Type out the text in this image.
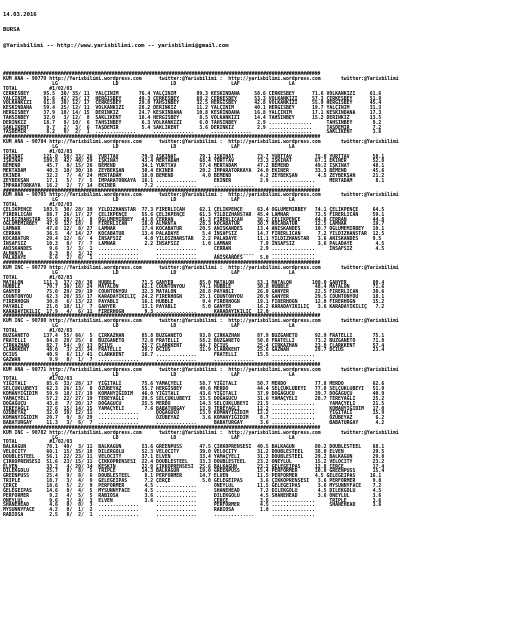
14.03.2016

BURSA

@Yarisbilimi -- http://www.yarisbilimi.com -- yarisbilimi@gmail.com

###############################################################################################################
KUM ANA - 90779 http://Yarisbilimi.wordpress.com      twitter:@Yarisbilimi :  http://yarisbilimi.wordpress.com       twitter:@Yarisbilimi
LG                   LD                  LD                   LAF                 LA
TOTAL           #1/02/03
CERKESBEY     95.5  30/ 35/ 11  YALÇINIM       76.4 YALÇINIM       89.3 KESKINDANA     58.6 CERKESBEY      71.6 VOLKANKIZI     61.6
YALÇINIM      91.6  42/ 25/ 17  HERGISBEY      49.3 CERKESBEY      69.2 CERKESBEY      53.3 VOLKANKIZI     57.3 CERKESBEY      51.9
VOLKANKIZI    61.8  30/ 12/ 17  CERKESBEY      29.0 TAHSINBEY      32.5 HERGISBEY      42.8 VOLKANKIZI     55.9 HERGISBEY      45.4
KESKINDANA    59.4  25/ 12/ 11  VOLKANKIZI     28.2 DERINKIZ       11.2 YALÇINIM       40.1 HERGISBEY      19.7 YALÇINIM       31.3
HERGISBEY     37.9  10/ 14/ 15  DERINKIZ       24.7 KESKINDANA     10.8 KESKINDANA     16.8 YALÇINIM       17.1 KESKINDANA     17.3
TAHSINBEY     32.0   3/ 12/  8  SAKLIKENT      18.4 HERGISBEY       8.5 VOLKANKIZI     14.4 TAHSINBEY      15.2 DERINKIZ       13.5
DERINKIZ      18.7   9/ 10/  6  TAHSINBEY       6.3 VOLKANKIZI      6.0 TAHSINBEY       2.9 ...............     TAHSINBEY       9.2
SAKLIKENT      9.7   2/  3/  6  TAŞDEMIR        5.4 SAKLIKENT       3.6 DERINKIZ        2.9 ...............     TAŞDEMIR        7.2
TAŞDEMIR       8.2   0/  2/  1  ..............      ..............      ..............      ...............     SAKLIKENT       3.6
###############################################################################################################
KUM ANA - 90704 http://Yarisbilimi.wordpress.com      twitter:@Yarisbilimi :  http://yarisbilimi.wordpress.com       twitter:@Yarisbilimi
LG                   LD                  LD                   LAF                 LA
TOTAL           #1/02/03
IŞKINAT       121.0  50/ 33/ 26  YURTTAV        79.9 IŞKINAT        79.1 IŞKINAT        73.7 YURTTAV        75.0 YURTTAV        58.1
IŞKINAT       109.8  42/ 40/ 29  IŞKINAT        43.4 MERTADAM       68.4 YURTTAV        73.3 IŞKINAT        67.1 EKINER         52.8
BEMEND         45.7   8/ 15/ 26  BEMEND         34.1 YURTTAV        57.4 MERTADAM       47.2 BEMEND         49.2 IŞKINAT        48.1
MERTADAM       40.3  10/ 30/ 10  ZEYBEKŞAN      30.4 EKINER         20.2 İMPARATORKAYA  24.0 EKINER         33.3 BEMEND         45.6
EKINER         32.2   7/  4/ 24  MERTADAM       18.0 BEMEND          4.0 BEMEND          4.2 ZEYBEKŞAN       4.5 ZEYBEKŞAN      21.2
ZEYBEKŞAN      17.1   5/  7/  5  İMPARATORKAYA  16.1 ..............      EKINER          2.9 ...............     MERTADAM        8.1
İMPARATORKAYA  16.2   2/  7/ 14  EKINER          7.2 ..............      ..............      ...............
###############################################################################################################
KUM ANA - 90705 http://Yarisbilimi.wordpress.com      twitter:@Yarisbilimi :  http://yarisbilimi.wordpress.com       twitter:@Yarisbilimi
LG                   LD                  LD                   LAF                 LA
TOTAL           #1/02/03
ÇELIKPENÇE    103.5  30/ 28/ 30  YILDIZHANSTAR  77.3 FIRERLICAN     62.1 ÇELIKPENÇE     63.4 OGLUMEMIRBEY   74.1 ÇELIKPENÇE     64.5
FIRERLICAN     88.7  26/ 17/ 27  ÇELIKPENÇE     55.6 ÇELIKPENÇE     61.3 YILDIZHANSTAR  45.4 LAMNAR         72.5 FIRERLICAN     59.1
YILDIZHANSTAR  55.6  28/ 21/  8  OGLUMEMIRBEY   43.8 CERRAN         41.3 FIRERLICAN     36.2 ÇELIKPENÇE     44.8 CERRAN         44.8
OGLUMEMIRBEY   47.9  12/ 18/  8  FIRERLICAN     18.0 ALMANTA        28.3 KOCABATUR      30.7 KOCABATUR      12.5 LAMNAR         19.7
LAMNAR         47.8  12/  8/ 27  LAMNAR         17.4 KOCABATUR      20.5 ANISKANDES     13.4 ANISKANDES     10.7 OGLUMEMIRBEY   19.1
CERRAN         36.5   4/ 14/ 27  KOCABATUR      13.4 PALADAYE        5.4 İNSAFSIZ       14.7 FIRERLICAN      7.2 YILDIZHANSTAR  12.5
KOCABATUR      29.4  12/  6/  4  İNSAFSIZ        4.0 YILDIZHANSTAR   2.2 PALADAYE       11.1 YILDIZHANSTAR   3.6 ANISKANDES     9.5
İNSAFSIZ       10.3   0/  7/  7  LAMNAR          2.2 İNSAFSIZ        1.0 LAMNAR          7.9 İNSAFSIZ        3.6 PALADAYE        4.5
ANISKANDES      9.6   3/  3/  1  ..............      ..............      CERRAN          2.9 ...............     İNSAFSIZ        4.5
ALMANTA         8.3   0/  3/ 12  ..............      ..............      ..............      ...............
PALADAYE        6.6   2/  6/  1  ..............      ..............      ANISKANDES      5.0 ...............
###############################################################################################################
KUM INC - 90779 http://Yarisbilimi.wordpress.com      twitter:@Yarisbilimi :  http://yarisbilimi.wordpress.com       twitter:@Yarisbilimi
LG                   LD                  LD                   LAF                 LA
TOTAL           #1/02/03
MATALON       111.3  37/ 28/ 30  HUBBLE         71.5 GANYER         85.0 MATALON        53.1 MATALON       100.0 GANYER         80.4
HUBBLE         79.7  30/ 16/ 24  MATALON        62.1 COUNTONYOU     74.1 HUBBLE         30.8 HUBBLE         48.4 MATALON        71.6
GANYER         75.0  29/ 29/ 19  COUNTONYOU     32.3 MATALON        28.8 PAYABLI        26.0 GANYER         22.5 FIRERLICAN     30.6
COUNTONYOU     62.3  20/ 33/ 17  KARADAYIKILIÇ  24.2 FIRERHOGN      25.1 COUNTONYOU     20.9 GANYER         29.5 COUNTONYOU     18.1
FIRERHOGN      30.8   6/ 13/ 22  PAYABLI        16.1 HUBBLE          9.4 FIRERHOGN      19.1 FIRERHOGN      12.0 FIRERHOGN      15.2
PAYABLI        21.0  10/ 11/  7  GANYER         13.1 PAYABLI         5.0 GANYER         16.2 KARADAYIKILIÇ   3.6 KARADAYIKILIÇ   7.2
KARADAYIKILIÇ  17.9   4/  6/ 11  FIRERHOGN       9.3 ..............      KARADAYIKILIÇ  12.0 ...............
###############################################################################################################
KUM INC - 90780 http://Yarisbilimi.wordpress.com      twitter:@Yarisbilimi :  http://yarisbilimi.wordpress.com       twitter:@Yarisbilimi
LG                   LD                  LD                   LAF                 LA
TOTAL           #1/02/03
BUZGANETO     137.4  55/ 66/  5  ÇIRKAZHAN      85.8 BUZGANETO      93.8 ÇIRKAZHAN      87.9 BUZGANETO      92.9 FRATELLI       75.1
FRATELLI       84.8  20/ 25/  8  BUZGANETO      72.8 FRATELLI       58.2 BUZGANETO      50.8 FRATELLI       73.2 BUZGANETO      71.8
ÇIRKAZHAN      82.7  54/  9/ 13  DCIUS          25.7 CLARKKENT      44.7 DCIUS          25.4 ÇIRKAZHAN      23.0 CLARKKENT      57.4
CLARKKENT      48.0   3/ 23/ 34  FRATELLI       20.7 DCIUS          31.9 CLARKKENT      25.6 GAZWAN         29.7 DCIUS          23.4
DCIUS          40.9   6/ 11/ 41  CLARKKENT      16.7 ..............      FRATELLI       15.5 ...............
GAZWAN          9.9   0/  1/  7  ..............      ..............      ..............      ...............
###############################################################################################################
KUM ANA - 90771 http://Yarisbilimi.wordpress.com      twitter:@Yarisbilimi :  http://yarisbilimi.wordpress.com       twitter:@Yarisbilimi
LG                   LD                  LD                   LAF                 LA
TOTAL           #1/02/03
YIĞITALI       85.6  33/ 28/ 17  YIĞITALI       75.6 YAMAÇYELI      58.7 YIĞITALI       50.7 MERDO          77.8 MERDO          62.6
SELÇUKLUBEYI   62.3  26/ 13/  8  ÖZÜBEYAZ       55.7 HERGISBEY      49.6 MERDO          44.4 SELÇUKLUBEYI   77.8 SELÇUKLUBEYI   51.9
KOMANYIĞIDIM   59.9  18/ 17/ 19  KOMANYIĞIDIM   46.0 YIĞITALI       43.6 YIĞITALI       37.9 DOĞAGUCU       39.7 DOĞAGUCU       40.9
YAMAÇYELI      57.2  22/ 27/ 19  TEREYAĞLI      29.5 SELÇUKLUBEYI   33.5 DOĞAGUCU       31.6 YAMAÇYELI      28.7 TEREYAĞLI      25.2
DOĞAGUCU       43.8   7/ 20/ 17  DOĞAGUCU       25.5 MERDO          14.3 SELÇUKLUBEYI   21.5 ...............     YAMAÇYELI      21.5
TEREYAĞLI      37.6  15/ 14/ 15  YAMAÇYELI       7.6 BABATURGAY     13.9 TEREYAĞLI      12.2 ...............     KOMANYIĞIDIM   17.0
ÖZÜBEYAZ       32.0  19/ 12/ 11  ..............      DOĞAGUCU       13.9 KOMANYIĞIDIM   12.2 ...............     YIĞITALI       15.9
KOMANYIĞIDIM   20.7   9/  8/ 29  ..............      ÖZÜBEYAZ        3.6 KOMANYIĞIDIM    8.7 ...............     ÖZÜBEYAZ        6.2
BABATURGAY     11.3   3/  6/  7  ..............      ..............      BABATURGAY      3.6 ...............     BABATURGAY      4.2
###############################################################################################################
KUM INC - 90782 http://Yarisbilimi.wordpress.com      twitter:@Yarisbilimi :  http://yarisbilimi.wordpress.com       twitter:@Yarisbilimi
LG                   LD                  LD                   LAF                 LA
TOTAL           #1/02/03
BALKAGUN       78.1  40/  3/ 11  BALKAGUN       53.6 GREENPUSS      47.5 ÇIKKOPRENSESI  40.5 BALKAGUN       80.2 DOUBLESTEEL    68.1
VELOCITY       60.1  15/ 35/ 18  DILERGOLU      52.3 VELOCITY       39.0 VELOCITY       31.2 DOUBLESTEEL    38.0 ELVEN          29.5
DOUBLESTEEL    56.1  22/ 23/ 11  VELOCITY       37.1 ELVEN          33.4 YAMAÇYELI      31.2 DOUBLESTEEL    29.2 BALKAGUN       29.8
ÇIKKOPRENSESI  51.6  23/ 15/ 11  ÇIKKOPRENSESI  22.4 DOUBLESTEEL    33.3 DOUBLESTEEL    23.2 ONEYLUL        15.2 VELOCITY       23.2
ELVEN          33.2   4/ 20/ 14  KESKIN         22.0 ÇIKKOPRENSESI  25.6 BALKAGUN       23.2 GELEGEIPAS     12.8 ÇERÇE          17.4
DILEKGOLU      25.7   8/  8/  5  TRIPLE         14.3 BALKAGUN       19.0 GREENPUSS      15.4 PERFORMER      10.0 GREENPUSS      15.4
GREENPUSS      25.4   9/  8/  6  DOUBLESTEEL     8.1 PERFORMER      14.7 ELVEN          11.5 PERFORMER      4.5 GELEGEIPAS     16.1
TRIPLE         18.7   3/  4/  9  GELEGEIPAS      7.2 ÇERÇE           5.0 GELEGEIPAS      3.6 ÇIKKOPRENSESI   3.6 PERFORMER      9.8
ÇERÇE          18.6   5/  2/  9  PERFORMER       4.5 ..............      ONEYLUL        11.5 GELEGEIPAS      3.6 MYSUNNYFACE    7.2
GELEGEIPAS     14.6   0/  4/  5  MYSUNNYFACE     4.5 ..............      SHANEHEAD       7.2 DILEKGOLU       4.5 DILEKGOLU      4.5
PERFORMER       9.2   4/  5/  5  RABIOSA         3.6 ..............      DILEKGOLU       4.5 SHANEHEAD       3.6 ONEYLUL        3.6
ONEYLUL         9.6   3/  4/  3  ELVEN           3.6 ..............      ÇERÇE           3.6 ...............     TRIPLE         3.6
SHANEHEAD       4.6   0/  0/  3  ..............      ..............      PERFORMER       4.5 ...............     SHANEHEAD      3.6
MYSUNNYFACE     4.2   0/  1/  2  ..............      ..............      RABIOSA         1.0 ...............
RABIOSA         2.5   0/  2/  1  ..............      ..............      ..............      ...............
